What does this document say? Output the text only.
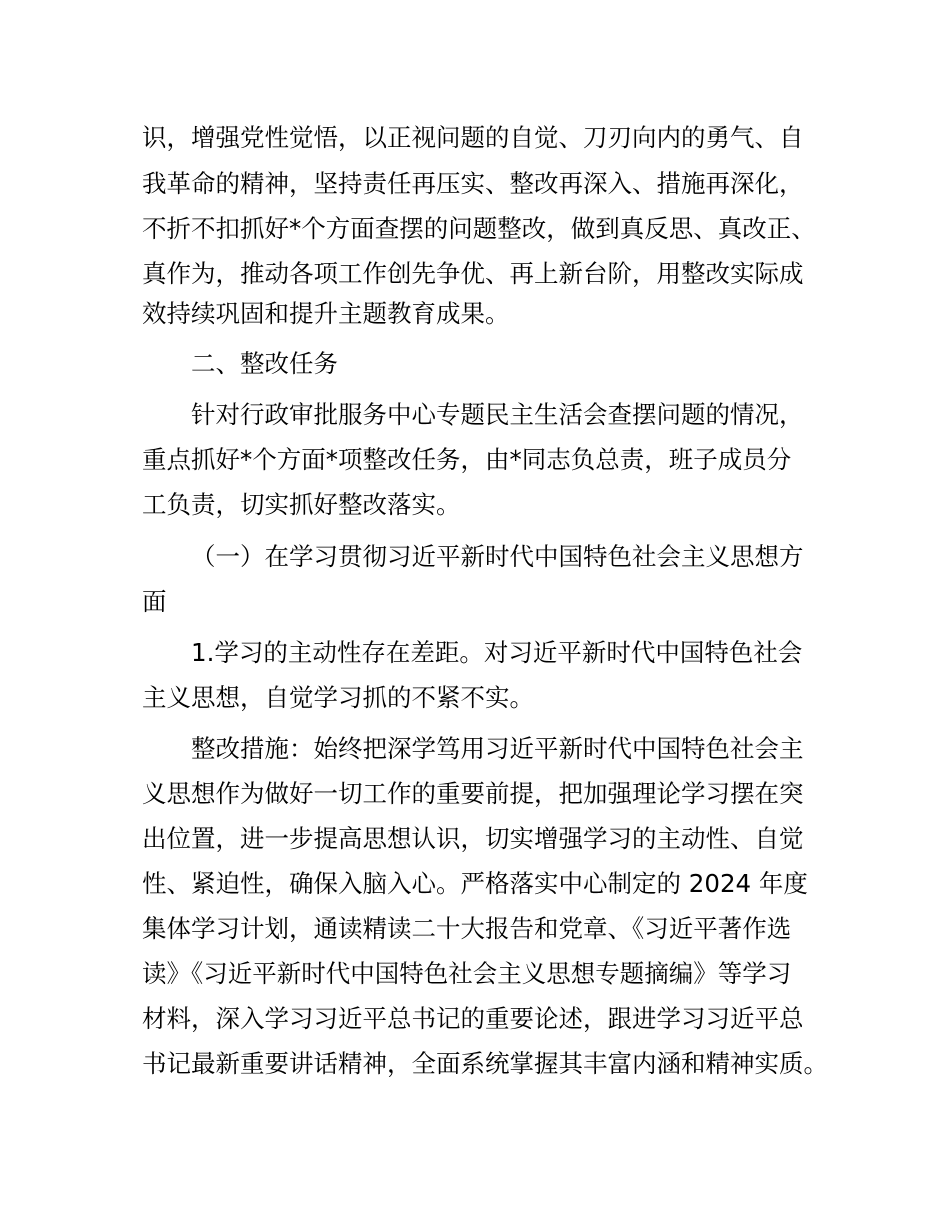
识，增强党性觉悟，以正视问题的自觉、刀刃向内的勇气、自
我革命的精神，坚持责任再压实、整改再深入、措施再深化，
不折不扣抓好*个方面查摆的问题整改，做到真反思、真改正、
真作为，推动各项工作创先争优、再上新台阶，用整改实际成
效持续巩固和提升主题教育成果。
二、整改任务
针对行政审批服务中心专题民主生活会查摆问题的情况，
重点抓好*个方面*项整改任务，由*同志负总责，班子成员分
工负责，切实抓好整改落实。
（一）在学习贯彻习近平新时代中国特色社会主义思想方
面
1.学习的主动性存在差距。对习近平新时代中国特色社会
主义思想，自觉学习抓的不紧不实。
整改措施：始终把深学笃用习近平新时代中国特色社会主
义思想作为做好一切工作的重要前提，把加强理论学习摆在突
出位置，进一步提高思想认识，切实增强学习的主动性、自觉
性、紧迫性，确保入脑入心。严格落实中心制定的 2024 年度
集体学习计划，通读精读二十大报告和党章、《习近平著作选
读》《习近平新时代中国特色社会主义思想专题摘编》等学习
材料，深入学习习近平总书记的重要论述，跟进学习习近平总
书记最新重要讲话精神，全面系统掌握其丰富内涵和精神实质。
